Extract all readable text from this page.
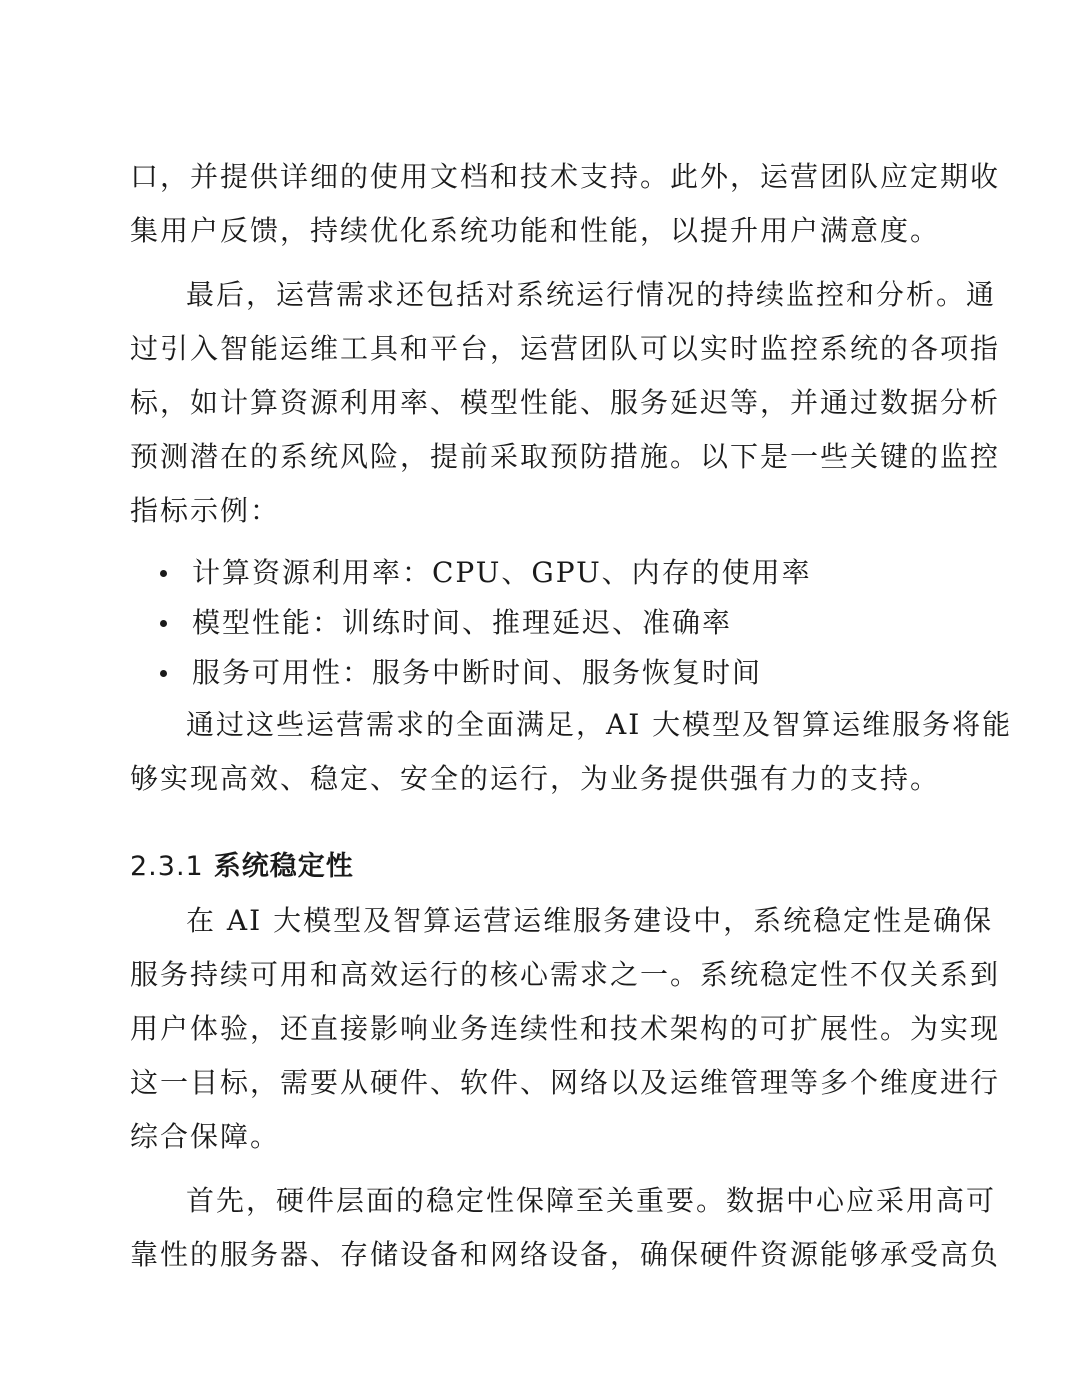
口，并提供详细的使用文档和技术支持。此外，运营团队应定期收
集用户反馈，持续优化系统功能和性能，以提升用户满意度。
最后，运营需求还包括对系统运行情况的持续监控和分析。通
过引入智能运维工具和平台，运营团队可以实时监控系统的各项指
标，如计算资源利用率、模型性能、服务延迟等，并通过数据分析
预测潜在的系统风险，提前采取预防措施。以下是一些关键的监控
指标示例：
计算资源利用率：CPU、GPU、内存的使用率
模型性能：训练时间、推理延迟、准确率
服务可用性：服务中断时间、服务恢复时间
通过这些运营需求的全面满足，AI 大模型及智算运维服务将能
够实现高效、稳定、安全的运行，为业务提供强有力的支持。
2.3.1 系统稳定性
在 AI 大模型及智算运营运维服务建设中，系统稳定性是确保
服务持续可用和高效运行的核心需求之一。系统稳定性不仅关系到
用户体验，还直接影响业务连续性和技术架构的可扩展性。为实现
这一目标，需要从硬件、软件、网络以及运维管理等多个维度进行
综合保障。
首先，硬件层面的稳定性保障至关重要。数据中心应采用高可
靠性的服务器、存储设备和网络设备，确保硬件资源能够承受高负
